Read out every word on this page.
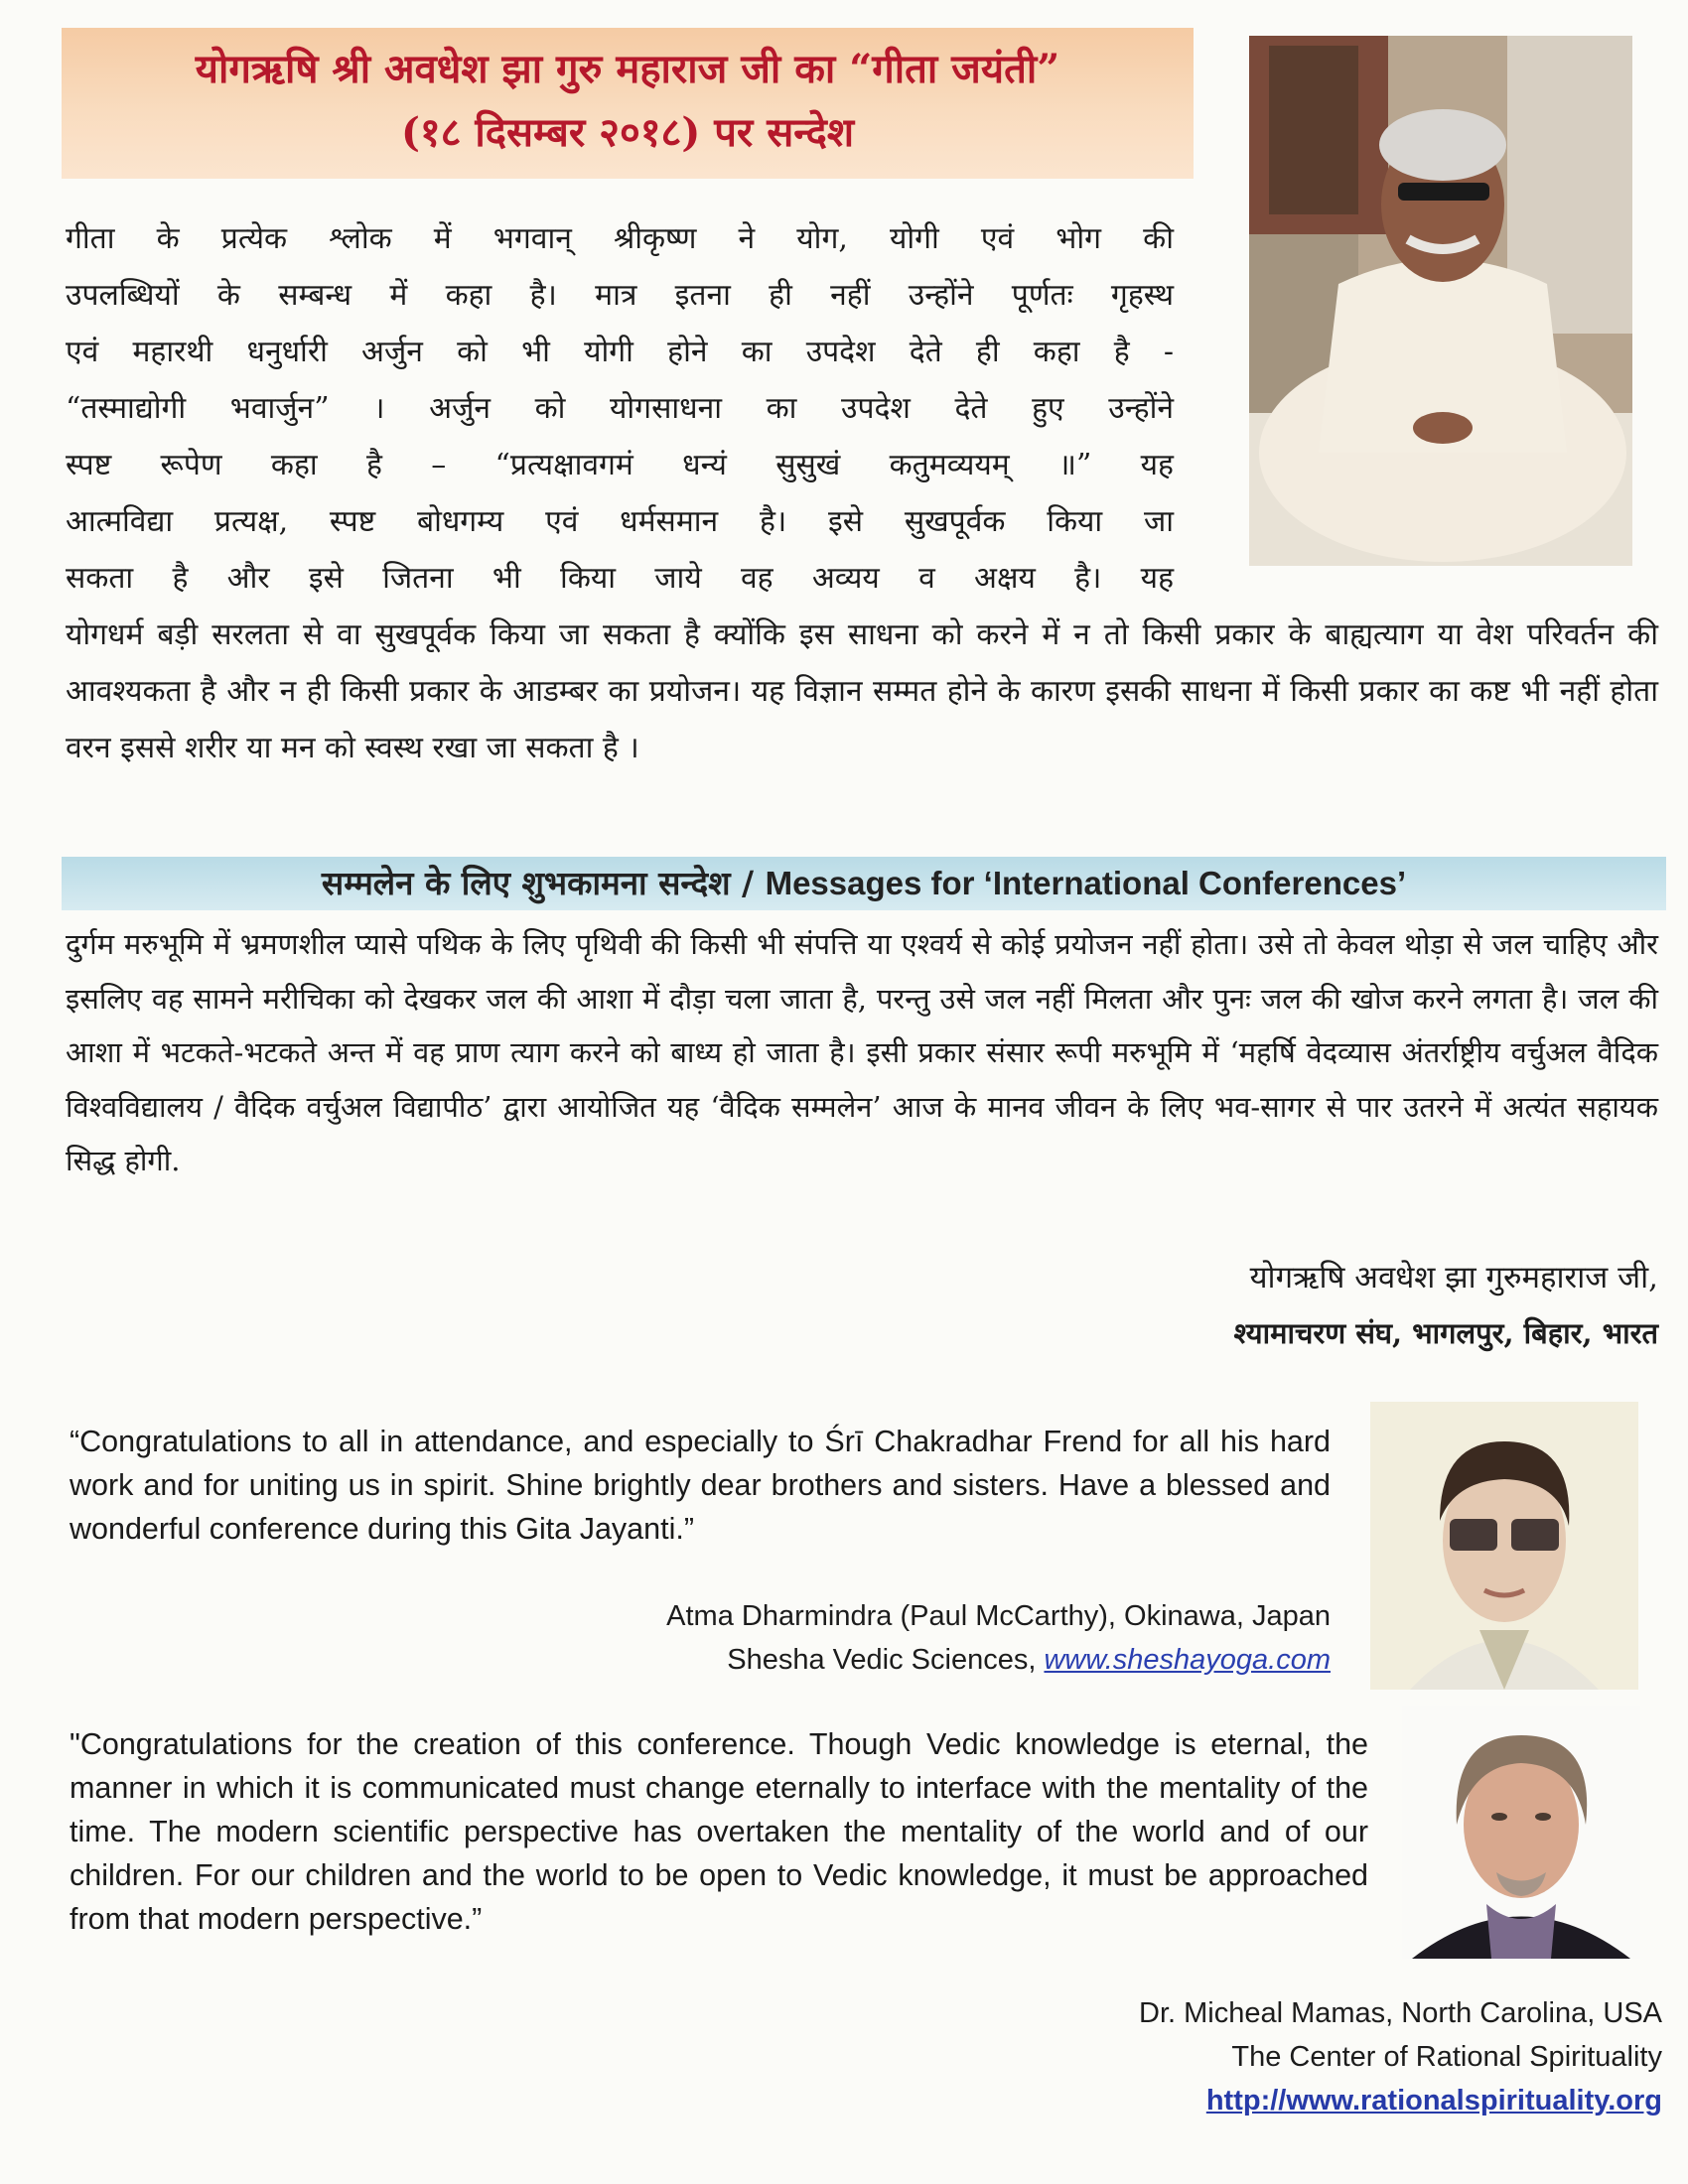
योगऋषि श्री अवधेश झा गुरु महाराज जी का “गीता जयंती”
(१८ दिसम्बर २०१८) पर सन्देश
गीता के प्रत्येक श्लोक में भगवान् श्रीकृष्ण ने योग, योगी एवं भोग की
उपलब्धियों के सम्बन्ध में कहा है। मात्र इतना ही नहीं उन्होंने पूर्णतः गृहस्थ
एवं महारथी धनुर्धारी अर्जुन को भी योगी होने का उपदेश देते ही कहा है -
“तस्माद्योगी भवार्जुन” । अर्जुन को योगसाधना का उपदेश देते हुए उन्होंने
स्पष्ट रूपेण कहा है – “प्रत्यक्षावगमं धन्यं सुसुखं कतुमव्ययम् ॥” यह
आत्मविद्या प्रत्यक्ष, स्पष्ट बोधगम्य एवं धर्मसमान है। इसे सुखपूर्वक किया जा
सकता है और इसे जितना भी किया जाये वह अव्यय व अक्षय है। यह
योगधर्म बड़ी सरलता से वा सुखपूर्वक किया जा सकता है क्योंकि इस साधना को करने में न तो किसी प्रकार के बाह्यत्याग या वेश परिवर्तन की आवश्यकता है और न ही किसी प्रकार के आडम्बर का प्रयोजन। यह विज्ञान सम्मत होने के कारण इसकी साधना में किसी प्रकार का कष्ट भी नहीं होता वरन इससे शरीर या मन को स्वस्थ रखा जा सकता है ।
सम्मलेन के लिए शुभकामना सन्देश / Messages for ‘International Conferences’
दुर्गम मरुभूमि में भ्रमणशील प्यासे पथिक के लिए पृथिवी की किसी भी संपत्ति या एश्वर्य से कोई प्रयोजन नहीं होता। उसे तो केवल थोड़ा से जल चाहिए और इसलिए वह सामने मरीचिका को देखकर जल की आशा में दौड़ा चला जाता है, परन्तु उसे जल नहीं मिलता और पुनः जल की खोज करने लगता है। जल की आशा में भटकते-भटकते अन्त में वह प्राण त्याग करने को बाध्य हो जाता है। इसी प्रकार संसार रूपी मरुभूमि में ‘महर्षि वेदव्यास अंतर्राष्ट्रीय वर्चुअल वैदिक विश्वविद्यालय / वैदिक वर्चुअल विद्यापीठ’ द्वारा आयोजित यह ‘वैदिक सम्मलेन’ आज के मानव जीवन के लिए भव-सागर से पार उतरने में अत्यंत सहायक सिद्ध होगी.
योगऋषि अवधेश झा गुरुमहाराज जी,
श्यामाचरण संघ, भागलपुर, बिहार, भारत
“Congratulations to all in attendance, and especially to Śrī Chakradhar Frend for all his hard work and for uniting us in spirit. Shine brightly dear brothers and sisters. Have a blessed and wonderful conference during this Gita Jayanti.”
Atma Dharmindra (Paul McCarthy), Okinawa, Japan
Shesha Vedic Sciences, www.sheshayoga.com
"Congratulations for the creation of this conference. Though Vedic knowledge is eternal, the manner in which it is communicated must change eternally to interface with the mentality of the time. The modern scientific perspective has overtaken the mentality of the world and of our children. For our children and the world to be open to Vedic knowledge, it must be approached from that modern perspective.”
Dr. Micheal Mamas, North Carolina, USA
The Center of Rational Spirituality
http://www.rationalspirituality.org
